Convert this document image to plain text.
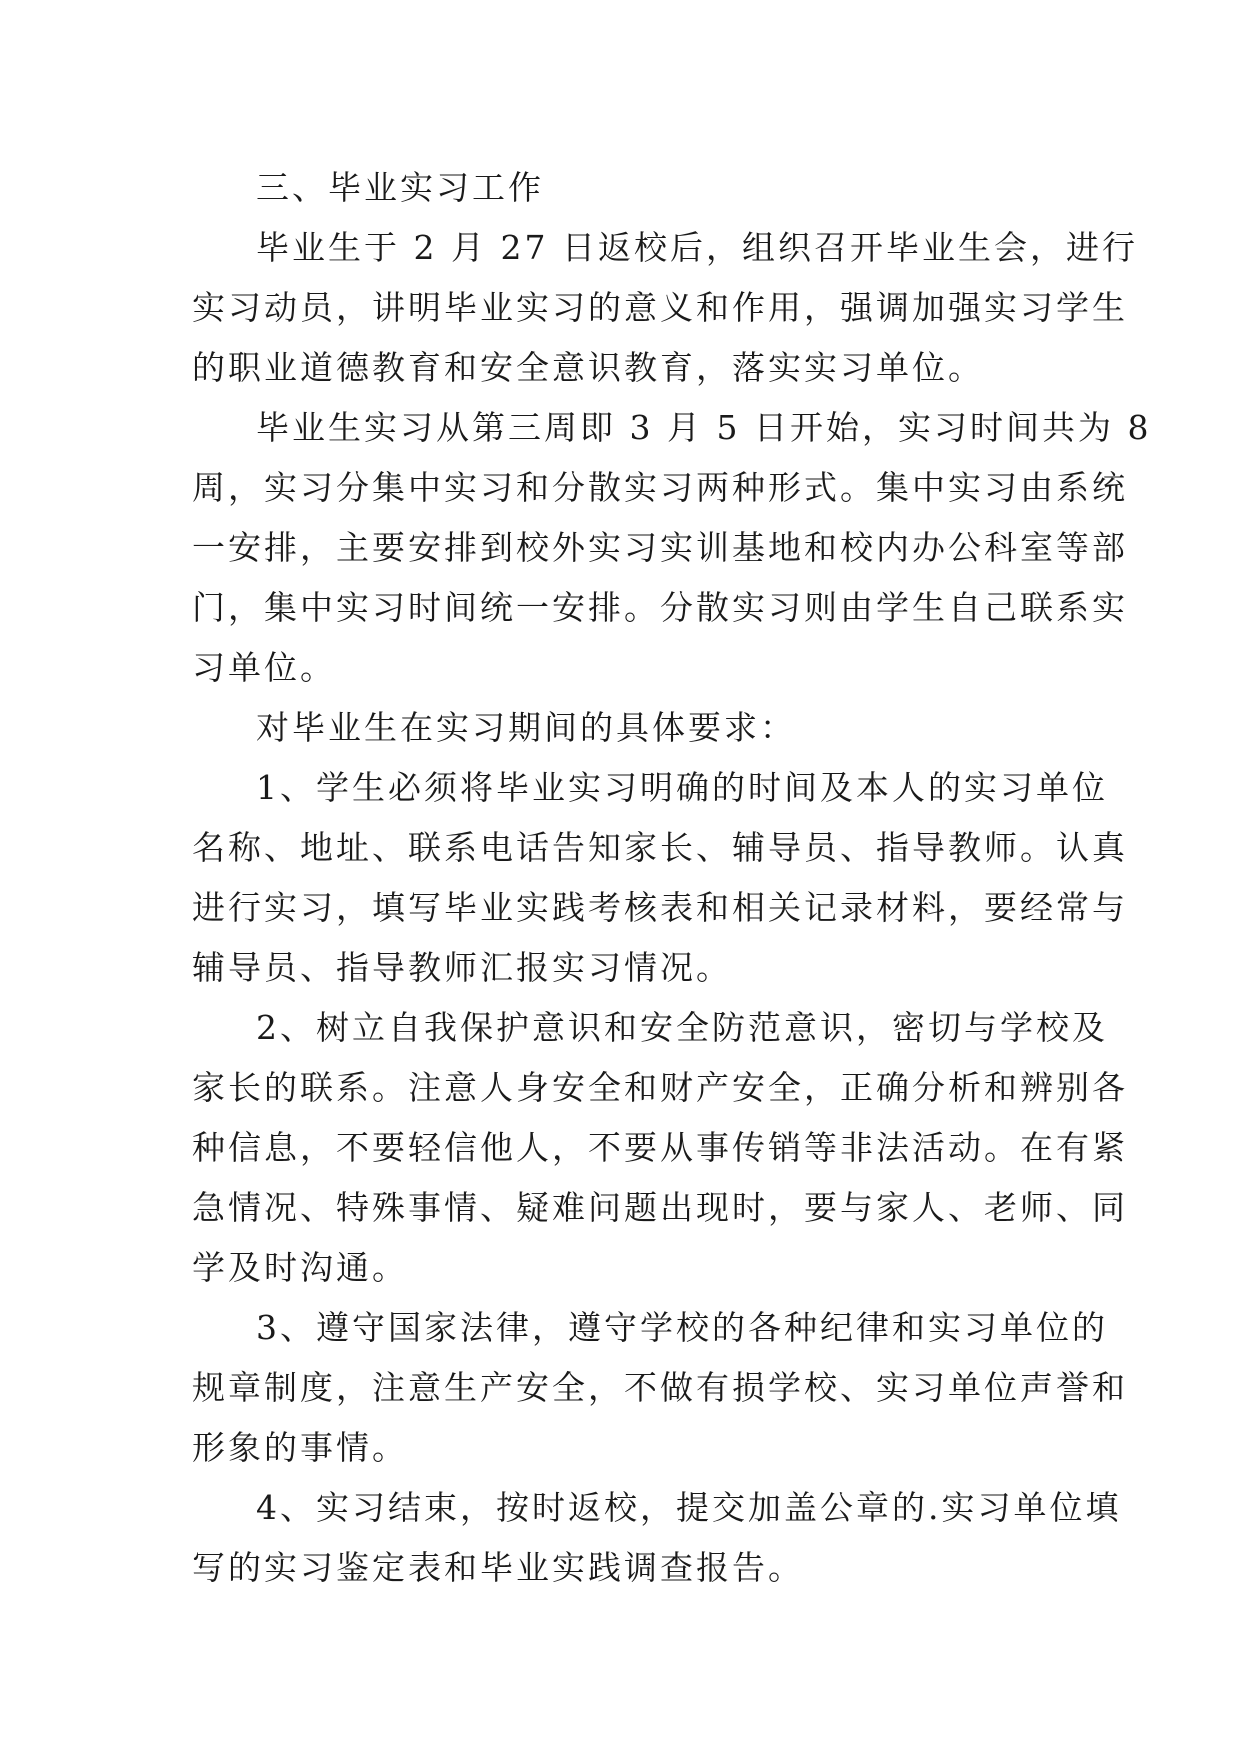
三、毕业实习工作

毕业生于 2 月 27 日返校后，组织召开毕业生会，进行
实习动员，讲明毕业实习的意义和作用，强调加强实习学生
的职业道德教育和安全意识教育，落实实习单位。

毕业生实习从第三周即 3 月 5 日开始，实习时间共为 8
周，实习分集中实习和分散实习两种形式。集中实习由系统
一安排，主要安排到校外实习实训基地和校内办公科室等部
门，集中实习时间统一安排。分散实习则由学生自己联系实
习单位。

对毕业生在实习期间的具体要求：

1、学生必须将毕业实习明确的时间及本人的实习单位
名称、地址、联系电话告知家长、辅导员、指导教师。认真
进行实习，填写毕业实践考核表和相关记录材料，要经常与
辅导员、指导教师汇报实习情况。

2、树立自我保护意识和安全防范意识，密切与学校及
家长的联系。注意人身安全和财产安全，正确分析和辨别各
种信息，不要轻信他人，不要从事传销等非法活动。在有紧
急情况、特殊事情、疑难问题出现时，要与家人、老师、同
学及时沟通。

3、遵守国家法律，遵守学校的各种纪律和实习单位的
规章制度，注意生产安全，不做有损学校、实习单位声誉和
形象的事情。

4、实习结束，按时返校，提交加盖公章的.实习单位填
写的实习鉴定表和毕业实践调查报告。
